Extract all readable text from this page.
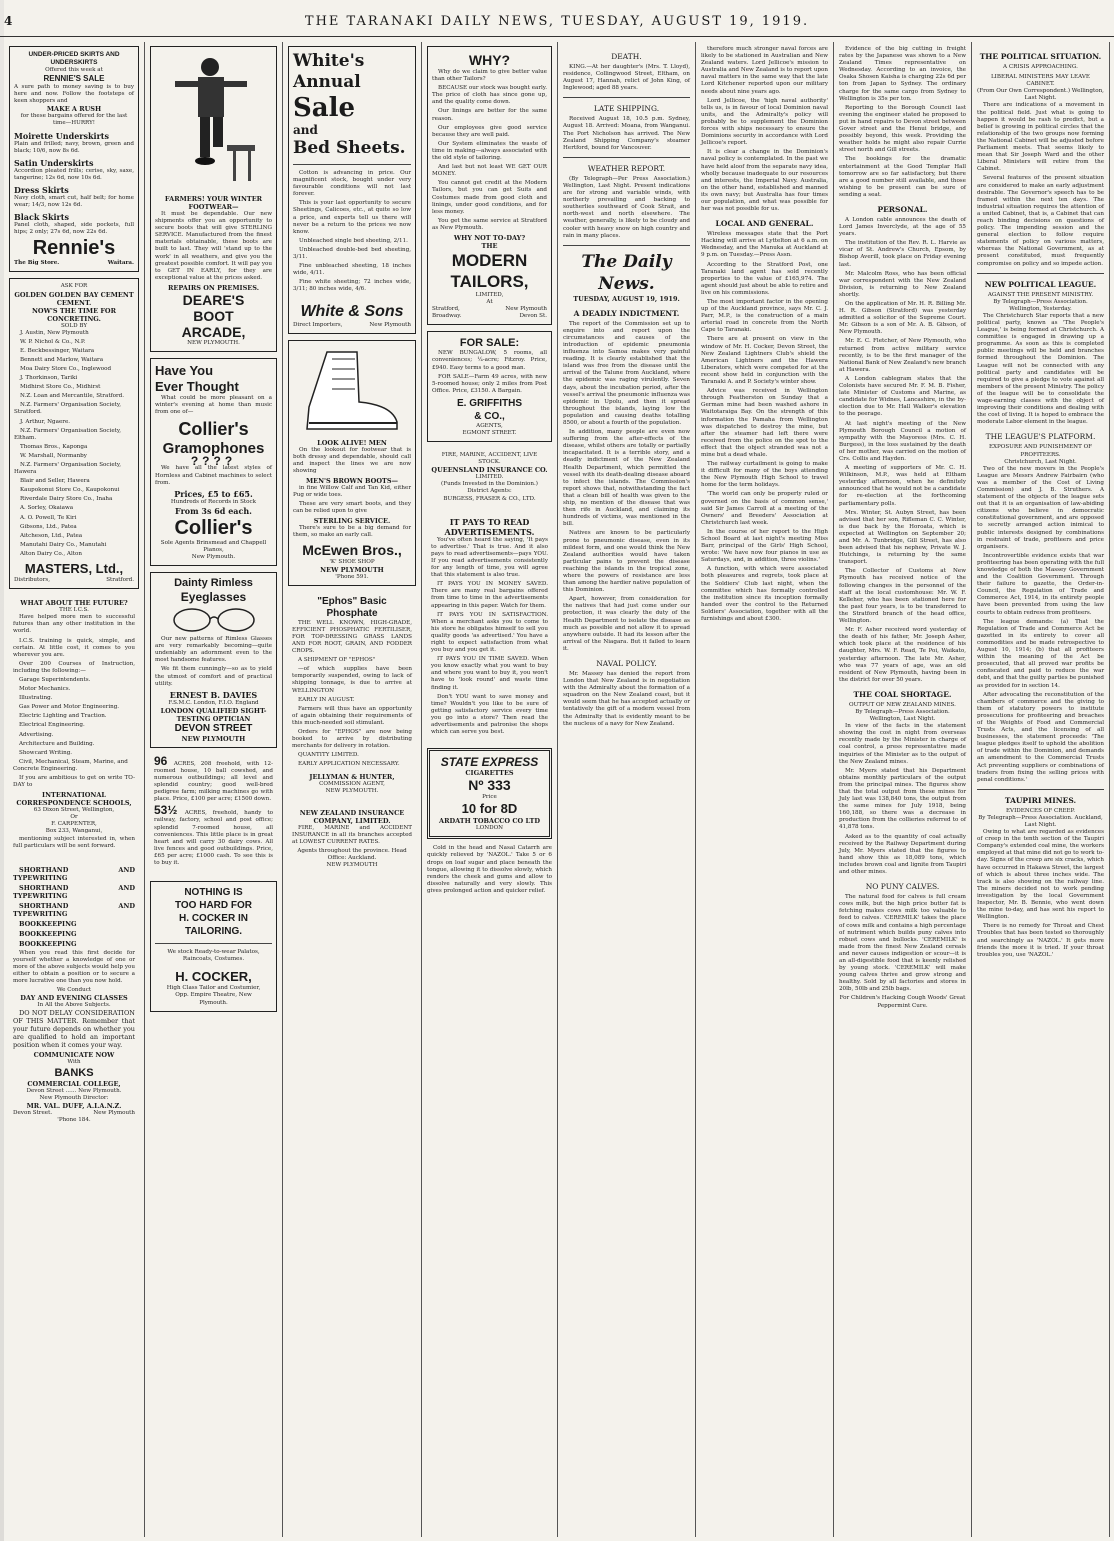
4	THE TARANAKI DAILY NEWS, TUESDAY, AUGUST 19, 1919.
UNDER-PRICED SKIRTS AND UNDERSKIRTS
Offered this week at
RENNIE'S SALE
A sure path to money saving is to buy here and now. Follow the footsteps of keen shoppers and
MAKE A RUSH
for these bargains offered for the last time—HURRY!
Moirette Underskirts
Plain and frilled; navy, brown, green and black; 10/6, now 8s 6d.
Satin Underskirts
Accordion pleated frills; cerise, sky, saxe, tangerine; 12s 6d, now 10s 6d.
Dress Skirts
Navy cloth, smart cut, half belt; for home wear; 14/3, now 12s 6d.
Black Skirts
Panel cloth, shaped, side pockets, full hips; 2 only; 27s 6d, now 22s 6d.
Rennie's
The Big Store.	Waitara.
ASK FOR
GOLDEN GOLDEN BAY CEMENT CEMENT.
NOW'S THE TIME FOR CONCRETING.
SOLD BY
J. Austin, New Plymouth
W. P. Nichol & Co., N.P.
E. Beckbessinger, Waitara
Bennett and Marlow, Waitara
Moa Dairy Store Co., Inglewood
J. Thorkinson, Tariki
Midhirst Store Co., Midhirst
N.Z. Loan and Mercantile, Stratford.
N.Z. Farmers' Organisation Society, Stratford.
J. Arthur, Ngaere.
N.Z. Farmers' Organisation Society, Eltham.
Thomas Bros., Kaponga
W. Marshall, Normanby
N.Z. Farmers' Organisation Society, Hawera
Blair and Seller, Hawera
Kaupokonui Store Co., Kaupokonui
Riverdale Dairy Store Co., Inaha
A. Sorley, Okaiawa
A. O. Powell, Te Kiri
Gibsons, Ltd., Patea
Aitcheson, Ltd., Patea
Manutahi Dairy Co., Manutahi
Alton Dairy Co., Alton
MASTERS, Ltd.,
Distributors,	Stratford.
WHAT ABOUT THE FUTURE?
THE I.C.S.
Have helped more men to successful futures than any other institution in the world.
I.C.S. training is quick, simple, and certain. At little cost, it comes to you wherever you are.
Over 200 Courses of Instruction, including the following:—
Garage Superintendents.
Motor Mechanics.
Illustrating.
Gas Power and Motor Engineering.
Electric Lighting and Traction.
Electrical Engineering.
Advertising.
Architecture and Building.
Showcard Writing.
Civil, Mechanical, Steam, Marine, and Concrete Engineering.
If you are ambitious to get on write TO-DAY to
INTERNATIONAL CORRESPONDENCE SCHOOLS,
63 Dixon Street, Wellington,
Or
F. CARPENTER,
Box 233, Wanganui,
mentioning subject interested in, when full particulars will be sent forward.
SHORTHAND AND TYPEWRITING
SHORTHAND AND TYPEWRITING
SHORTHAND AND TYPEWRITING
BOOKKEEPING
BOOKKEEPING
BOOKKEEPING
When you read this first decide for yourself whether a knowledge of one or more of the above subjects would help you either to obtain a position or to secure a more lucrative one than you now hold.
We Conduct
DAY AND EVENING CLASSES
In All the Above Subjects.
DO NOT DELAY CONSIDERATION OF THIS MATTER. Remember that your future depends on whether you are qualified to hold an important position when it comes your way.
COMMUNICATE NOW
With
BANKS
COMMERCIAL COLLEGE,
Devon Street ...... New Plymouth.
New Plymouth Director:
MR. VAL. DUFF, A.I.A.N.Z.
Devon Street.	New Plymouth
'Phone 184.
FARMERS! YOUR WINTER FOOTWEAR—
It must be dependable. Our new shipments offer you an opportunity to secure boots that will give STERLING SERVICE. Manufactured from the finest materials obtainable, these boots are built to last. They will 'stand up to the work' in all weathers, and give you the greatest possible comfort. It will pay you to GET IN EARLY, for they are exceptional value at the prices asked.
REPAIRS ON PREMISES.
DEARE'S
BOOT
ARCADE,
NEW PLYMOUTH.
Have You
Ever Thought
What could be more pleasant on a winter's evening at home than music from one of—
Collier's
Gramophones
????
We have all the latest styles of Hornless and Cabinet machines to select from.
Prices, £5 to £65.
Hundreds of Records in Stock
From 3s 6d each.
Collier's
Sole Agents Brinsmead and Chappell Pianos,
New Plymouth.
Dainty Rimless
Eyeglasses
Our new patterns of Rimless Glasses are very remarkably becoming—quite undeniably an adornment even to the most handsome features.
We fit them cunningly—so as to yield the utmost of comfort and of practical utility.
ERNEST B. DAVIES
F.S.M.C. London, F.I.O. England
LONDON QUALIFIED SIGHT-TESTING OPTICIAN
DEVON STREET
NEW PLYMOUTH
96 ACRES, 208 freehold, with 12-roomed house, 10 ball cowshed, and numerous outbuildings; all level and splendid country; good well-bred pedigree farm; milking machines go with place. Price, £100 per acre; £1500 down.
53½ ACRES, freehold, handy to railway, factory, school and post office; splendid 7-roomed house, all conveniences. This little place is in great heart and will carry 30 dairy cows. All live fences and good outbuildings. Price, £65 per acre; £1000 cash. To see this is to buy it.
NOTHING IS
TOO HARD FOR
H. COCKER IN
TAILORING.
We stock Ready-to-wear Palatos, Raincoats, Costumes.
H. COCKER,
High Class Tailor and Costumier,
Opp. Empire Theatre, New
Plymouth.
White's
Annual
Sale
and
Bed Sheets.
Cotton is advancing in price. Our magnificent stock, bought under very favourable conditions will not last forever.
This is your last opportunity to secure Sheetings, Calicoes, etc., at quite so low a price, and experts tell us there will never be a return to the prices we now know.
Unbleached single bed sheeting, 2/11.
Unbleached double-bed bed sheeting, 3/11.
Fine unbleached sheeting, 18 inches wide, 4/11.
Fine white sheeting; 72 inches wide, 3/11; 80 inches wide, 4/6.
White & Sons
Direct Importers,	New Plymouth
LOOK ALIVE! MEN
On the lookout for footwear that is both dressy and dependable, should call and inspect the lines we are now showing
MEN'S BROWN BOOTS—
in fine Willow Calf and Tan Kid, either Pug or wide toes.
These are very smart boots, and they can be relied upon to give
STERLING SERVICE.
There's sure to be a big demand for them, so make an early call.
McEwen Bros.,
'K' SHOE SHOP
NEW PLYMOUTH
'Phone 591.
"Ephos" Basic
Phosphate
THE WELL KNOWN, HIGH-GRADE, EFFICIENT PHOSPHATIC FERTILISER, FOR TOP-DRESSING GRASS LANDS AND FOR ROOT, GRAIN, AND FODDER CROPS.
A SHIPMENT OF "EPHOS"
—of which supplies have been temporarily suspended, owing to lack of shipping tonnage, is due to arrive at WELLINGTON
EARLY IN AUGUST.
Farmers will thus have an opportunity of again obtaining their requirements of this much-needed soil stimulant.
Orders for "EPHOS" are now being booked to arrive by distributing merchants for delivery in rotation.
QUANTITY LIMITED.
EARLY APPLICATION NECESSARY.
JELLYMAN & HUNTER,
COMMISSION AGENT,
NEW PLYMOUTH.
NEW ZEALAND INSURANCE COMPANY, LIMITED.
FIRE, MARINE and ACCIDENT INSURANCE in all its branches accepted at LOWEST CURRENT RATES.
Agents throughout the province. Head Office: Auckland.
NEW PLYMOUTH
WHY?
Why do we claim to give better value than other Tailors?
BECAUSE our stock was bought early. The price of cloth has since gone up, and the quality come down.
Our linings are better for the same reason.
Our employees give good service because they are well paid.
Our System eliminates the waste of time in making—always associated with the old style of tailoring.
And last but not least WE GET OUR MONEY.
You cannot get credit at the Modern Tailors, but you can get Suits and Costumes made from good cloth and linings, under good conditions, and for less money.
You get the same service at Stratford as New Plymouth.
WHY NOT TO-DAY?
THE
MODERN
TAILORS,
LIMITED,
At
Stratford,	New Plymouth
Broadway.	Devon St.
FOR SALE:
NEW BUNGALOW, 5 rooms, all conveniences; ¼-acre; Fitzroy. Price, £940. Easy terms to a good man.
FOR SALE—Farm 49 acres, with new 5-roomed house; only 2 miles from Post Office. Price, £3150. A Bargain.
E. GRIFFITHS
& CO.,
AGENTS,
EGMONT STREET.
FIRE, MARINE, ACCIDENT, LIVE STOCK.
QUEENSLAND INSURANCE CO.
LIMITED.
(Funds Invested in the Dominion.)
District Agents:
BURGESS, FRASER & CO., LTD.
IT PAYS TO READ
ADVERTISEMENTS.
You've often heard the saying, 'It pays to advertise.' That is true. And it also pays to read advertisements—pays YOU. If you read advertisements consistently for any length of time, you will agree that this statement is also true.
IT PAYS YOU IN MONEY SAVED. There are many real bargains offered from time to time in the advertisements appearing in this paper. Watch for them.
IT PAYS YOU IN SATISFACTION. When a merchant asks you to come to his store he obligates himself to sell you quality goods 'as advertised.' You have a right to expect satisfaction from what you buy and you get it.
IT PAYS YOU IN TIME SAVED. When you know exactly what you want to buy and where you want to buy it, you won't have to 'look round' and waste time finding it.
Don't YOU want to save money and time? Wouldn't you like to be sure of getting satisfactory service every time you go into a store? Then read the advertisements and patronise the shops which can serve you best.
STATE EXPRESS
CIGARETTES
Nº 333
Price
10 for 8D
ARDATH TOBACCO CO LTD
LONDON
Cold in the head and Nasal Catarrh are quickly relieved by 'NAZOL.' Take 5 or 6 drops on loaf sugar and place beneath the tongue, allowing it to dissolve slowly, which renders the cheek and gums and allow to dissolve naturally and very slowly. This gives prolonged action and quicker relief.
DEATH.
KING.—At her daughter's (Mrs. T. Lloyd), residence, Collingwood Street, Eltham, on August 17, Hannah, relict of John King, of Inglewood; aged 88 years.
LATE SHIPPING.
Received August 18, 10.5 p.m. Sydney, August 18. Arrived: Moana, from Wanganui. The Port Nicholson has arrived. The New Zealand Shipping Company's steamer Hertford, bound for Vancouver.
WEATHER REPORT.
(By Telegraph—Per Press Association.) Wellington, Last Night. Present indications are for strong and variable winds, with northerly prevailing and backing to southerlies southward of Cook Strait, and north-west and north elsewhere. The weather, generally, is likely to be cloudy and cooler with heavy snow on high country and rain in many places.
The Daily News.
TUESDAY, AUGUST 19, 1919.
A DEADLY INDICTMENT.
The report of the Commission set up to enquire into and report upon the circumstances and causes of the introduction of epidemic pneumonia influenza into Samoa makes very painful reading. It is clearly established that the island was free from the disease until the arrival of the Talune from Auckland, where the epidemic was raging virulently. Seven days, about the incubation period, after the vessel's arrival the pneumonic influenza was epidemic in Upolu, and then it spread throughout the islands, laying low the population and causing deaths totalling 8500, or about a fourth of the population.
In addition, many people are even now suffering from the after-effects of the disease, whilst others are totally or partially incapacitated. It is a terrible story, and a deadly indictment of the New Zealand Health Department, which permitted the vessel with its death-dealing disease aboard to infect the islands. The Commission's report shows that, notwithstanding the fact that a clean bill of health was given to the ship, no mention of the disease that was then rife in Auckland, and claiming its hundreds of victims, was mentioned in the bill.
Natives are known to be particularly prone to pneumonic disease, even in its mildest form, and one would think the New Zealand authorities would have taken particular pains to prevent the disease reaching the islands in the tropical zone, where the powers of resistance are less than among the hardier native population of this Dominion.
Apart, however, from consideration for the natives that had just come under our protection, it was clearly the duty of the Health Department to isolate the disease as much as possible and not allow it to spread anywhere outside. It had its lesson after the arrival of the Niagara. But it failed to learn it.
NAVAL POLICY.
Mr. Massey has denied the report from London that New Zealand is in negotiation with the Admiralty about the formation of a squadron on the New Zealand coast, but it would seem that he has accepted actually or tentatively the gift of a modern vessel from the Admiralty that is evidently meant to be the nucleus of a navy for New Zealand.
therefore much stronger naval forces are likely to be stationed in Australian and New Zealand waters. Lord Jellicoe's mission to Australia and New Zealand is to report upon naval matters in the same way that the late Lord Kitchener reported upon our military needs about nine years ago.
Lord Jellicoe, the 'high naval authority' tells us, is in favour of local Dominion naval units, and the Admiralty's policy will probably be to supplement the Dominion forces with ships necessary to ensure the Dominions security in accordance with Lord Jellicoe's report.
It is clear a change in the Dominion's naval policy is contemplated. In the past we have held aloof from the separate navy idea, wholly because inadequate to our resources and interests, the Imperial Navy. Australia, on the other hand, established and manned its own navy; but Australia has four times our population, and what was possible for her was not possible for us.
LOCAL AND GENERAL.
Wireless messages state that the Port Hacking will arrive at Lyttelton at 6 a.m. on Wednesday, and the Manuka at Auckland at 9 p.m. on Tuesday.—Press Assn.
According to the Stratford Post, one Taranaki land agent has sold recently properties to the value of £165,974. The agent should just about be able to retire and live on his commissions.
The most important factor in the opening up of the Auckland province, says Mr. C. J. Parr, M.P., is the construction of a main arterial road in concrete from the North Cape to Taranaki.
There are at present on view in the window of Mr. H. Cocker, Devon Street, the New Zealand Lightners Club's shield the American Lightners and the Hawera Liberators, which were competed for at the recent show held in conjunction with the Taranaki A. and P. Society's winter show.
Advice was received in Wellington through Featherston on Sunday that a German mine had been washed ashore in Waitotaraiga Bay. On the strength of this information the Pamaha from Wellington was dispatched to destroy the mine, but after the steamer had left there were received from the police on the spot to the effect that the object stranded was not a mine but a dead whale.
The railway curtailment is going to make it difficult for many of the boys attending the New Plymouth High School to travel home for the term holidays.
'The world can only be properly ruled or governed on the basis of common sense,' said Sir James Carroll at a meeting of the Owners' and Breeders' Association at Christchurch last week.
In the course of her report to the High School Board at last night's meeting Miss Barr, principal of the Girls' High School, wrote: 'We have now four pianos in use as Saturdays, and, in addition, three violins.'
A function, with which were associated both pleasures and regrets, took place at the Soldiers' Club last night, when the committee which has formally controlled the institution since its inception formally handed over the control to the Returned Soldiers' Association, together with all the furnishings and about £300.
Evidence of the big cutting in freight rates by the Japanese was shown to a New Zealand Times representative on Wednesday. According to an invoice, the Osaka Shosen Kaisha is charging 22s 6d per ton from Japan to Sydney. The ordinary charge for the same cargo from Sydney to Wellington is 35s per ton.
Reporting to the Borough Council last evening the engineer stated he proposed to put in hand repairs to Devon street between Gover street and the Henui bridge, and possibly beyond, this week. Providing the weather holds he might also repair Currie street north and Gill streets.
The bookings for the dramatic entertainment at the Good Templar Hall tomorrow are so far satisfactory, but there are a good number still available, and those wishing to be present can be sure of sending a seat.
PERSONAL.
A London cable announces the death of Lord James Inverclyde, at the age of 55 years.
The institution of the Rev. R. L. Harvie as vicar of St. Andrew's Church, Epsom, by Bishop Averill, took place on Friday evening last.
Mr. Malcolm Ross, who has been official war correspondent with the New Zealand Division, is returning to New Zealand shortly.
On the application of Mr. H. R. Billing Mr. H. R. Gibson (Stratford) was yesterday admitted a solicitor of the Supreme Court. Mr. Gibson is a son of Mr. A. B. Gibson, of New Plymouth.
Mr. E. C. Fletcher, of New Plymouth, who returned from active military service recently, is to be the first manager of the National Bank of New Zealand's new branch at Hawera.
A London cablegram states that the Colonists have secured Mr. F. M. B. Fisher, late Minister of Customs and Marine, as candidate for Widnes, Lancashire, in the by-election due to Mr. Hall Walker's elevation to the peerage.
At last night's meeting of the New Plymouth Borough Council a motion of sympathy with the Mayoress (Mrs. C. H. Burgess), in the loss sustained by the death of her mother, was carried on the motion of Crs. Collis and Hayden.
A meeting of supporters of Mr. C. H. Wilkinson, M.P., was held at Eltham yesterday afternoon, when he definitely announced that he would not be a candidate for re-election at the forthcoming parliamentary polls.
Mrs. Winter, St. Aubyn Street, has been advised that her son, Rifleman C. C. Winter, is due back by the Horoata, which is expected at Wellington on September 20; and Mr. A. Tunbridge, Gill Street, has also been advised that his nephew, Private W. J. Hutchings, is returning by the same transport.
The Collector of Customs at New Plymouth has received notice of the following changes in the personnel of the staff at the local customhouse: Mr. W. F. Kelleher, who has been stationed here for the past four years, is to be transferred to the Stratford branch of the head office, Wellington.
Mr. F. Asher received word yesterday of the death of his father, Mr. Joseph Asher, which took place at the residence of his daughter, Mrs. W. F. Read, Te Poi, Waikato, yesterday afternoon. The late Mr. Asher, who was 77 years of age, was an old resident of New Plymouth, having been in the district for over 50 years.
THE COAL SHORTAGE.
OUTPUT OF NEW ZEALAND MINES.
By Telegraph—Press Association. Wellington, Last Night.
In view of the facts in the statement showing the cost in night from overseas recently made by the Minister in charge of coal control, a press representative made inquiries of the Minister as to the output of the New Zealand mines.
Mr. Myers stated that his Department obtains monthly particulars of the output from the principal mines. The figures show that the total output from these mines for July last was 138,840 tons, the output from the same mines for July 1918, being 160,188, so there was a decrease in production from the collieries referred to of 41,878 tons.
Asked as to the quantity of coal actually received by the Railway Department during July, Mr. Myers stated that the figures to hand show this as 18,089 tons, which includes brown coal and lignite from Taupiri and other mines.
NO PUNY CALVES.
The natural food for calves is full cream cows milk, but the high price butter fat is fetching makes cows milk too valuable to feed to calves. 'CEREMILK' takes the place of cows milk and contains a high percentage of nutriment which builds puny calves into robust cows and bullocks. 'CEREMILK' is made from the finest New Zealand cereals and never causes indigestion or scour—it is an all-digestible food that is keenly relished by young stock. 'CEREMILK' will make young calves thrive and grow strong and healthy. Sold by all factories and stores in 20lb, 50lb and 25lb bags.
For Children's Hacking Cough Woods' Great Peppermint Cure.
THE POLITICAL SITUATION.
A CRISIS APPROACHING.
LIBERAL MINISTERS MAY LEAVE CABINET.
(From Our Own Correspondent.) Wellington, Last Night.
There are indications of a movement in the political field. Just what is going to happen it would be rash to predict, but a belief is growing in political circles that the relationship of the two groups now forming the National Cabinet will be adjusted before Parliament meets. That seems likely to mean that Sir Joseph Ward and the other Liberal Ministers will retire from the Cabinet.
Several features of the present situation are considered to make an early adjustment desirable. The Governor's speech has to be framed within the next ten days. The industrial situation requires the attention of a united Cabinet, that is, a Cabinet that can reach binding decisions on questions of policy. The impending session and the general election to follow require statements of policy on various matters, whereas the National Government, as at present constituted, must frequently compromise on policy and so impede action.
NEW POLITICAL LEAGUE.
AGAINST THE PRESENT MINISTRY.
By Telegraph—Press Association. Wellington, Yesterday.
The Christchurch Star reports that a new political party, known as 'The People's League,' is being formed at Christchurch. A committee is engaged in drawing up a programme. As soon as this is completed public meetings will be held and branches formed throughout the Dominion. The League will not be connected with any political party and candidates will be required to give a pledge to vote against all members of the present Ministry. The policy of the league will be to consolidate the wage-earning classes with the object of improving their conditions and dealing with the cost of living. It is hoped to embrace the moderate Labor element in the league.
THE LEAGUE'S PLATFORM.
EXPOSURE AND PUNISHMENT OF PROFITEERS.
Christchurch, Last Night.
Two of the new movers in the People's League are Messrs Andrew Fairbairn (who was a member of the Cost of Living Commission) and J. B. Struthers. A statement of the objects of the league sets out that it is an organisation of law-abiding citizens who believe in democratic constitutional government, and are opposed to secretly arranged action inimical to public interests designed by combinations in restraint of trade, profiteers and price organisers.
Incontrovertible evidence exists that war profiteering has been operating with the full knowledge of both the Massey Government and the Coalition Government. Through their failure to gazette, the Order-in-Council, the Regulation of Trade and Commerce Act, 1914, in its entirety people have been prevented from using the law courts to obtain redress from profiteers.
The league demands: (a) That the Regulation of Trade and Commerce Act be gazetted in its entirety to cover all commodities and be made retrospective to August 10, 1914; (b) that all profiteers within the meaning of the Act be prosecuted, that all proved war profits be confiscated and paid to reduce the war debt, and that the guilty parties be punished as provided for in section 14.
After advocating the reconstitution of the chambers of commerce and the giving to them of statutory powers to institute prosecutions for profiteering and breaches of the Weights of Food and Commercial Trusts Acts, and the licensing of all businesses, the statement proceeds: 'The league pledges itself to uphold the abolition of trade within the Dominion, and demands an amendment to the Commercial Trusts Act preventing suppliers or combinations of traders from fixing the selling prices with penal conditions.'
TAUPIRI MINES.
EVIDENCES OF CREEP.
By Telegraph—Press Association. Auckland, Last Night.
Owing to what are regarded as evidences of creep in the tenth section of the Taupiri Company's extended coal mine, the workers employed at that mine did not go to work to-day. Signs of the creep are six cracks, which have occurred in Hakawa Street, the largest of which is about three inches wide. The track is also showing on the railway line. The miners decided not to work pending investigation by the local Government Inspector, Mr. B. Bennie, who went down the mine to-day, and has sent his report to Wellington.
There is no remedy for Throat and Chest Troubles that has been tested so thoroughly and searchingly as 'NAZOL.' It gets more friends the more it is tried. If your throat troubles you, use 'NAZOL.'
